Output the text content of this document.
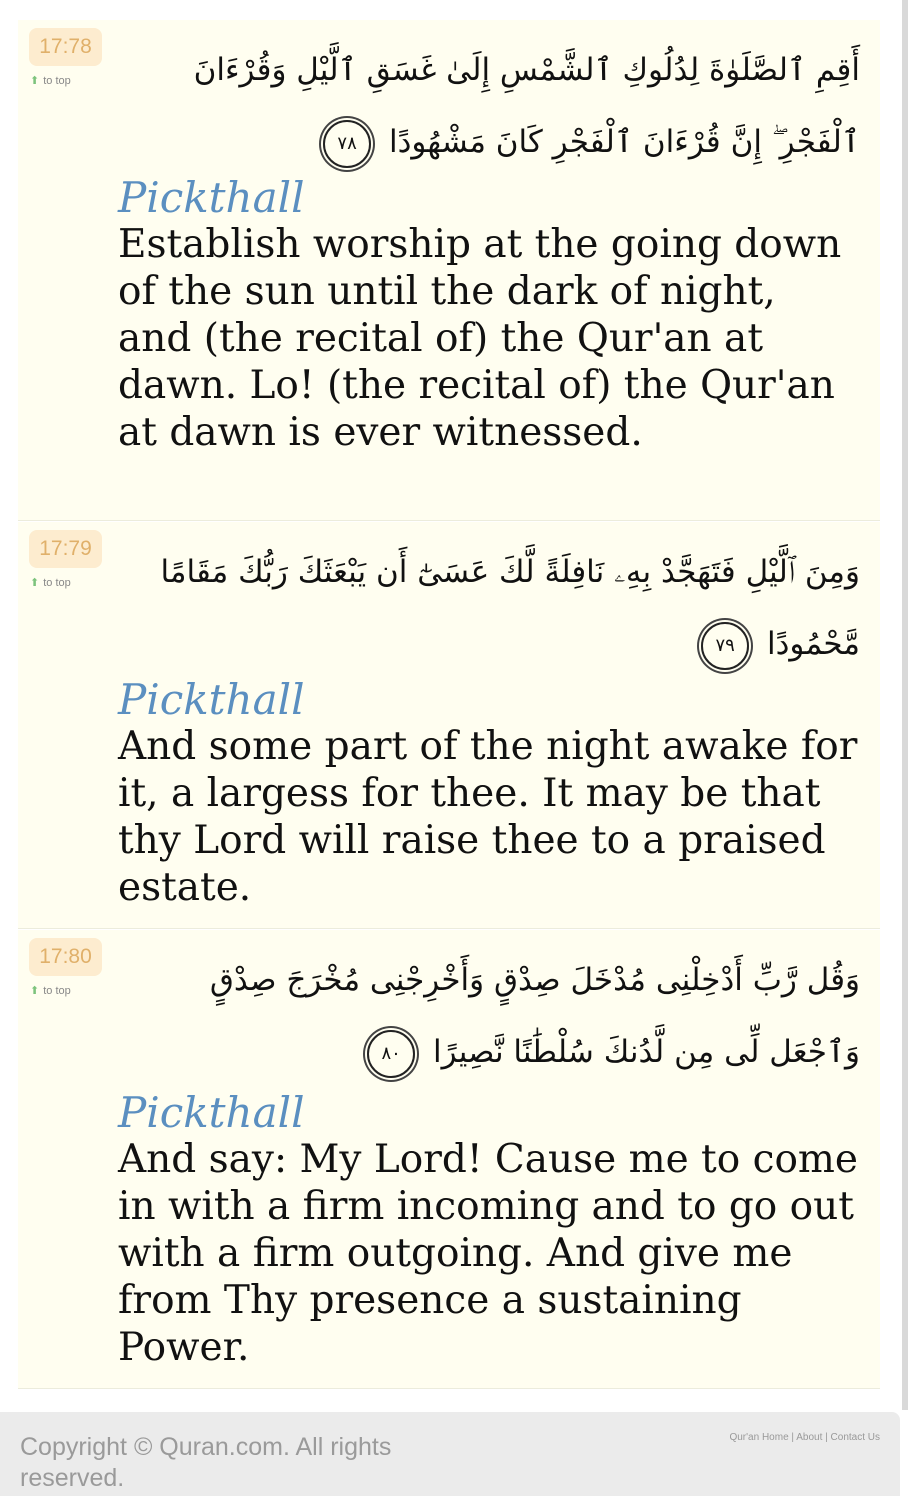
17:78
⬆ to top	أَقِمِ ٱلصَّلَوٰةَ لِدُلُوكِ ٱلشَّمْسِ إِلَىٰ غَسَقِ ٱلَّيْلِ وَقُرْءَانَ ٱلْفَجْرِ ۖ إِنَّ قُرْءَانَ ٱلْفَجْرِ كَانَ مَشْهُودًا ٧٨
Pickthall
Establish worship at the going down of the sun until the dark of night, and (the recital of) the Qur'an at dawn. Lo! (the recital of) the Qur'an at dawn is ever witnessed.
17:79
⬆ to top	وَمِنَ ٱلَّيْلِ فَتَهَجَّدْ بِهِۦ نَافِلَةً لَّكَ عَسَىٰٓ أَن يَبْعَثَكَ رَبُّكَ مَقَامًا مَّحْمُودًا ٧٩
Pickthall
And some part of the night awake for it, a largess for thee. It may be that thy Lord will raise thee to a praised estate.
17:80
⬆ to top	وَقُل رَّبِّ أَدْخِلْنِى مُدْخَلَ صِدْقٍ وَأَخْرِجْنِى مُخْرَجَ صِدْقٍ وَٱجْعَل لِّى مِن لَّدُنكَ سُلْطَٰنًا نَّصِيرًا ٨٠
Pickthall
And say: My Lord! Cause me to come in with a firm incoming and to go out with a firm outgoing. And give me from Thy presence a sustaining Power.
Copyright © Quran.com. All rights reserved.
Qur'an Home | About | Contact Us
